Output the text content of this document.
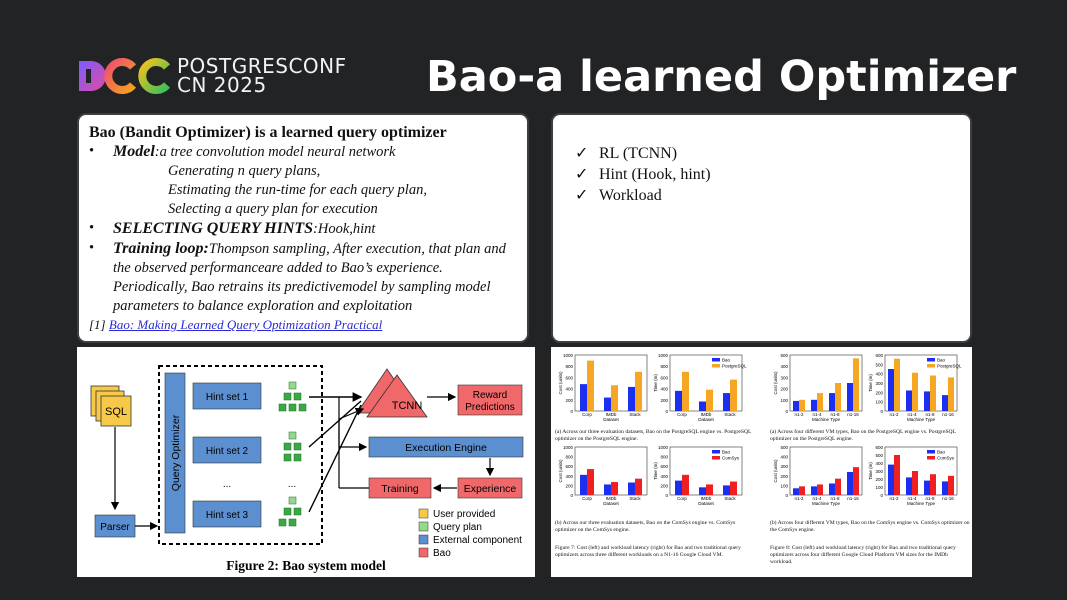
POSTGRESCONF
CN 2025	Bao-a learned Optimizer
Bao (Bandit Optimizer) is a learned query optimizer
• Model:a tree convolution model neural network
Generating n query plans,
Estimating the run-time for each query plan,
Selecting a query plan for execution
• SELECTING QUERY HINTS:Hook,hint
• Training loop:Thompson sampling, After execution, that plan and the observed performanceare added to Bao’s experience. Periodically, Bao retrains its predictivemodel by sampling model parameters to balance exploration and exploitation
[1] Bao: Making Learned Query Optimization Practical
✓ RL (TCNN)
✓ Hint (Hook, hint)
✓ Workload
SQL
Parser
Query Optimizer
Hint set 1
Hint set 2
...
Hint set 3
...
TCNN
Reward
Predictions
Execution Engine
Experience
Training
User provided
Query plan
External component
Bao
Figure 2: Bao system model
1000
800
600
400
200
0
Cost (units)
Corp	IMDb	Stack
Dataset
1000
800
600
400
200
0
Time (m)
Corp	IMDb	Stack
Dataset
Bao
PostgreSQL
500
400
300
200
100
0
Cost (units)
n1-2 n1-4 n1-8 n1-16
Machine Type
600
500
400
300
200
100
0
Time (m)
n1-2 n1-4 n1-8 n1-16
Machine Type
Bao
PostgreSQL
1000
800
600
400
200
0
Cost (units)
Corp	IMDb	Stack
Dataset
1000
800
600
400
200
0
Time (m)
Corp	IMDb	Stack
Dataset
Bao
ComSys
500
400
300
200
100
0
Cost (units)
n1-2 n1-4 n1-8 n1-16
Machine Type
600
500
400
300
200
100
0
Time (m)
n1-2 n1-4 n1-8 n1-16
Machine Type
Bao
ComSys
(a) Across our three evaluation datasets, Bao on the PostgreSQL engine vs. PostgreSQL optimizer on the PostgreSQL engine.
(a) Across four different VM types, Bao on the PostgreSQL engine vs. PostgreSQL optimizer on the PostgreSQL engine.
(b) Across our three evaluation datasets, Bao on the ComSys engine vs. ComSys optimizer on the ComSys engine.
(b) Across four different VM types, Bao on the ComSys engine vs. ComSys optimizer on the ComSys engine.
Figure 7: Cost (left) and workload latency (right) for Bao and two traditional query optimizers across three different workloads on a N1-16 Google Cloud VM.
Figure 8: Cost (left) and workload latency (right) for Bao and two traditional query optimizers across four different Google Cloud Platform VM sizes for the IMDb workload.
